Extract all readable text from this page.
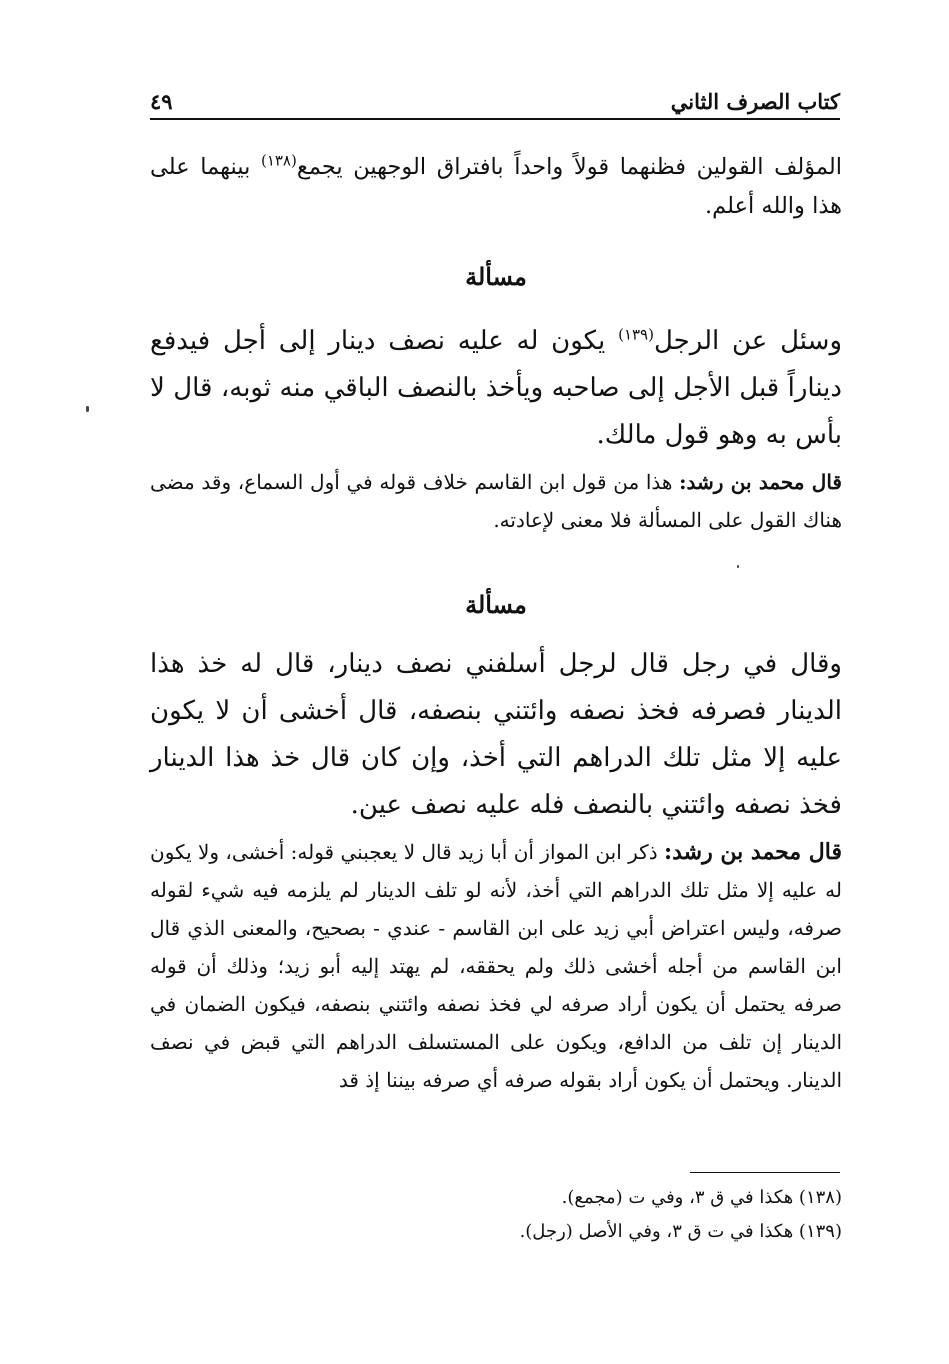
كتاب الصرف الثاني
٤٩
المؤلف القولين فظنهما قولاً واحداً بافتراق الوجهين يجمع$^{(١٣٨)}$ بينهما على هذا والله أعلم.
مسألة
وسئل عن الرجل$^{(١٣٩)}$ يكون له عليه نصف دينار إلى أجل فيدفع ديناراً قبل الأجل إلى صاحبه ويأخذ بالنصف الباقي منه ثوبه، قال لا بأس به وهو قول مالك.
قال محمد بن رشد: هذا من قول ابن القاسم خلاف قوله في أول السماع، وقد مضى هناك القول على المسألة فلا معنى لإعادته.
مسألة
وقال في رجل قال لرجل أسلفني نصف دينار، قال له خذ هذا الدينار فصرفه فخذ نصفه وائتني بنصفه، قال أخشى أن لا يكون عليه إلا مثل تلك الدراهم التي أخذ، وإن كان قال خذ هذا الدينار فخذ نصفه وائتني بالنصف فله عليه نصف عين.
قال محمد بن رشد: ذكر ابن المواز أن أبا زيد قال لا يعجبني قوله: أخشى، ولا يكون له عليه إلا مثل تلك الدراهم التي أخذ، لأنه لو تلف الدينار لم يلزمه فيه شيء لقوله صرفه، وليس اعتراض أبي زيد على ابن القاسم - عندي - بصحيح، والمعنى الذي قال ابن القاسم من أجله أخشى ذلك ولم يحققه، لم يهتد إليه أبو زيد؛ وذلك أن قوله صرفه يحتمل أن يكون أراد صرفه لي فخذ نصفه وائتني بنصفه، فيكون الضمان في الدينار إن تلف من الدافع، ويكون على المستسلف الدراهم التي قبض في نصف الدينار. ويحتمل أن يكون أراد بقوله صرفه أي صرفه بيننا إذ قد
(١٣٨) هكذا في ق ٣، وفي ت (مجمع).
(١٣٩) هكذا في ت ق ٣، وفي الأصل (رجل).
